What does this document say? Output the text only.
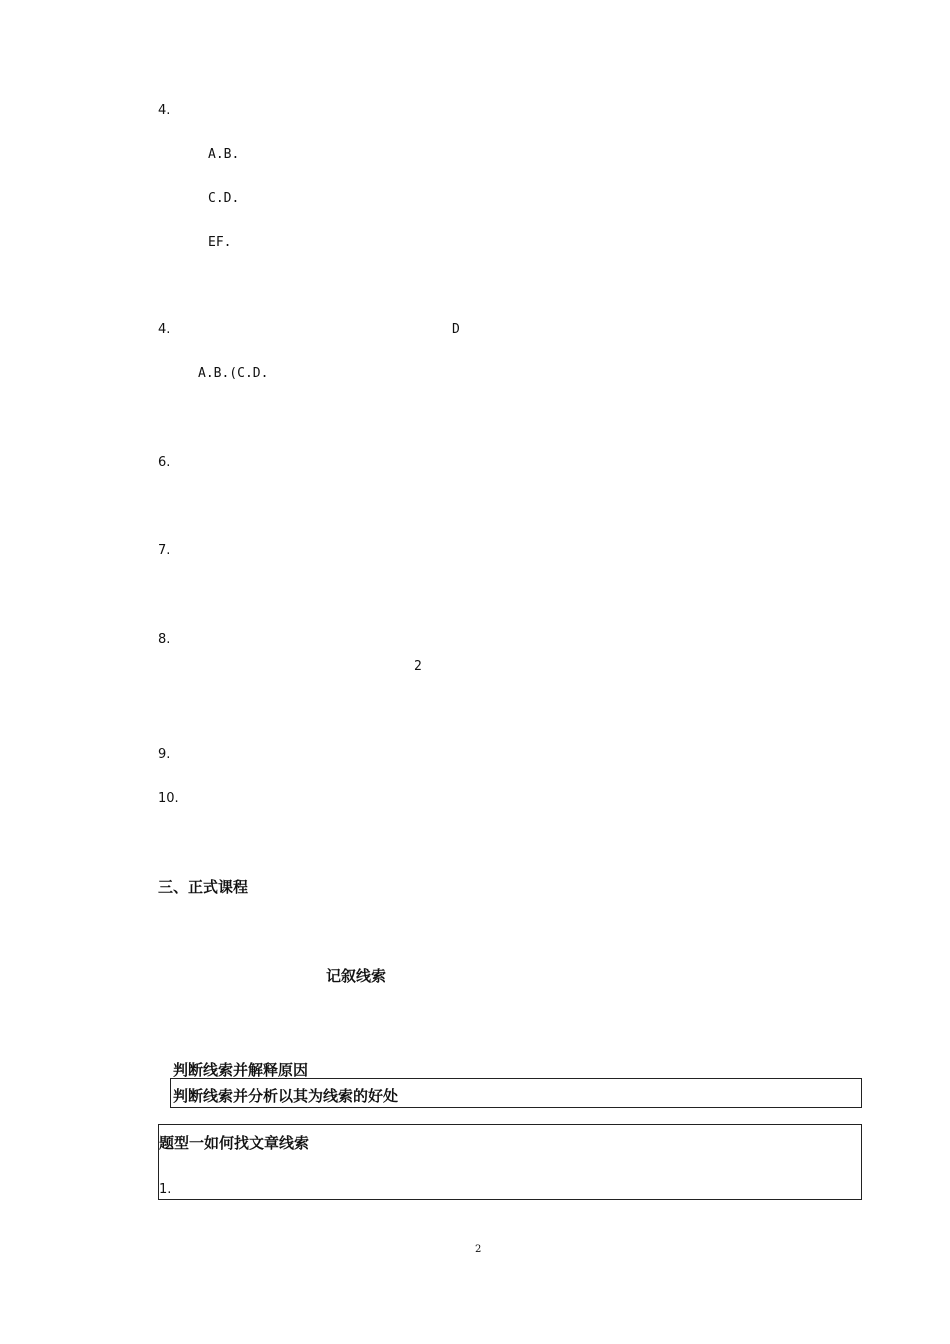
4.
A.B.
C.D.
EF.
4.	D
A.B.(C.D.
6.
7.
8.
2
9.
10.
三、正式课程
记叙线索
判断线索并解释原因
判断线索并分析以其为线索的好处
题型一如何找文章线索
1.
2
